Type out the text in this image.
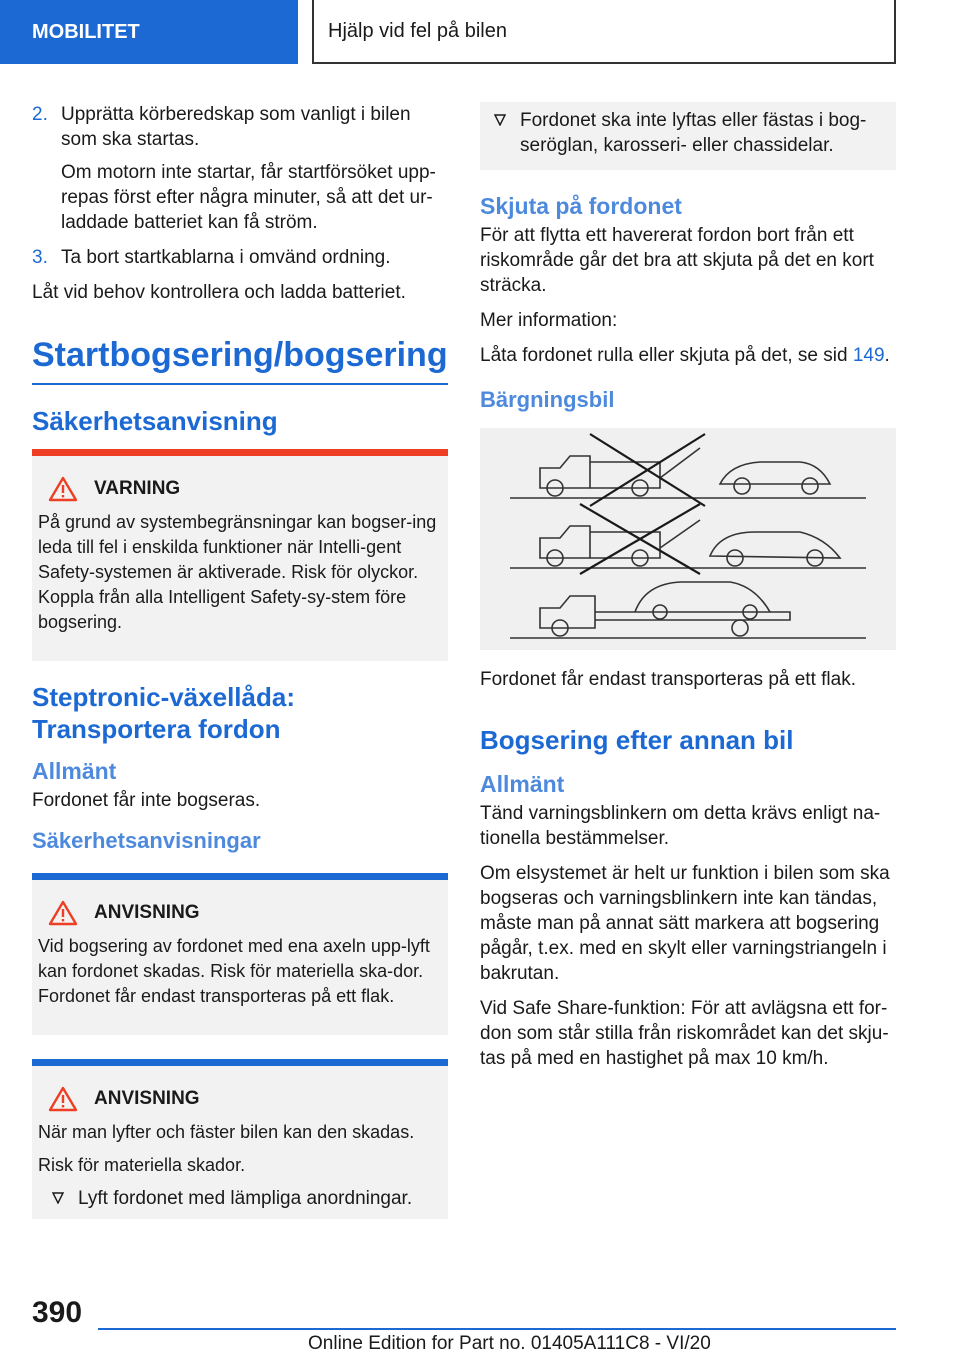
MOBILITET	Hjälp vid fel på bilen
2. Upprätta körberedskap som vanligt i bilen som ska startas.

Om motorn inte startar, får startförsöket upp-repas först efter några minuter, så att det ur-laddade batteriet kan få ström.

3. Ta bort startkablarna i omvänd ordning.

Låt vid behov kontrollera och ladda batteriet.

Startbogsering/bogsering
Säkerhetsanvisning
VARNING

På grund av systembegränsningar kan bogser-ing leda till fel i enskilda funktioner när Intelli-gent Safety-systemen är aktiverade. Risk för olyckor. Koppla från alla Intelligent Safety-sy-stem före bogsering.

Steptronic-växellåda: Transportera fordon
Allmänt

Fordonet får inte bogseras.

Säkerhetsanvisningar
ANVISNING

Vid bogsering av fordonet med ena axeln upp-lyft kan fordonet skadas. Risk för materiella ska-dor. Fordonet får endast transporteras på ett flak.

ANVISNING

När man lyfter och fäster bilen kan den skadas.

Risk för materiella skador.

Lyft fordonet med lämpliga anordningar.
Fordonet ska inte lyftas eller fästas i bog-seröglan, karosseri- eller chassidelar.
Skjuta på fordonet

För att flytta ett havererat fordon bort från ett riskområde går det bra att skjuta på det en kort sträcka.

Mer information:

Låta fordonet rulla eller skjuta på det, se sid 149.

Bärgningsbil

Fordonet får endast transporteras på ett flak.

Bogsering efter annan bil
Allmänt

Tänd varningsblinkern om detta krävs enligt na-tionella bestämmelser.

Om elsystemet är helt ur funktion i bilen som ska bogseras och varningsblinkern inte kan tändas, måste man på annat sätt markera att bogsering pågår, t.ex. med en skylt eller varningstriangeln i bakrutan.

Vid Safe Share-funktion: För att avlägsna ett for-don som står stilla från riskområdet kan det skju-tas på med en hastighet på max 10 km/h.

390
Online Edition for Part no. 01405A111C8 - VI/20
